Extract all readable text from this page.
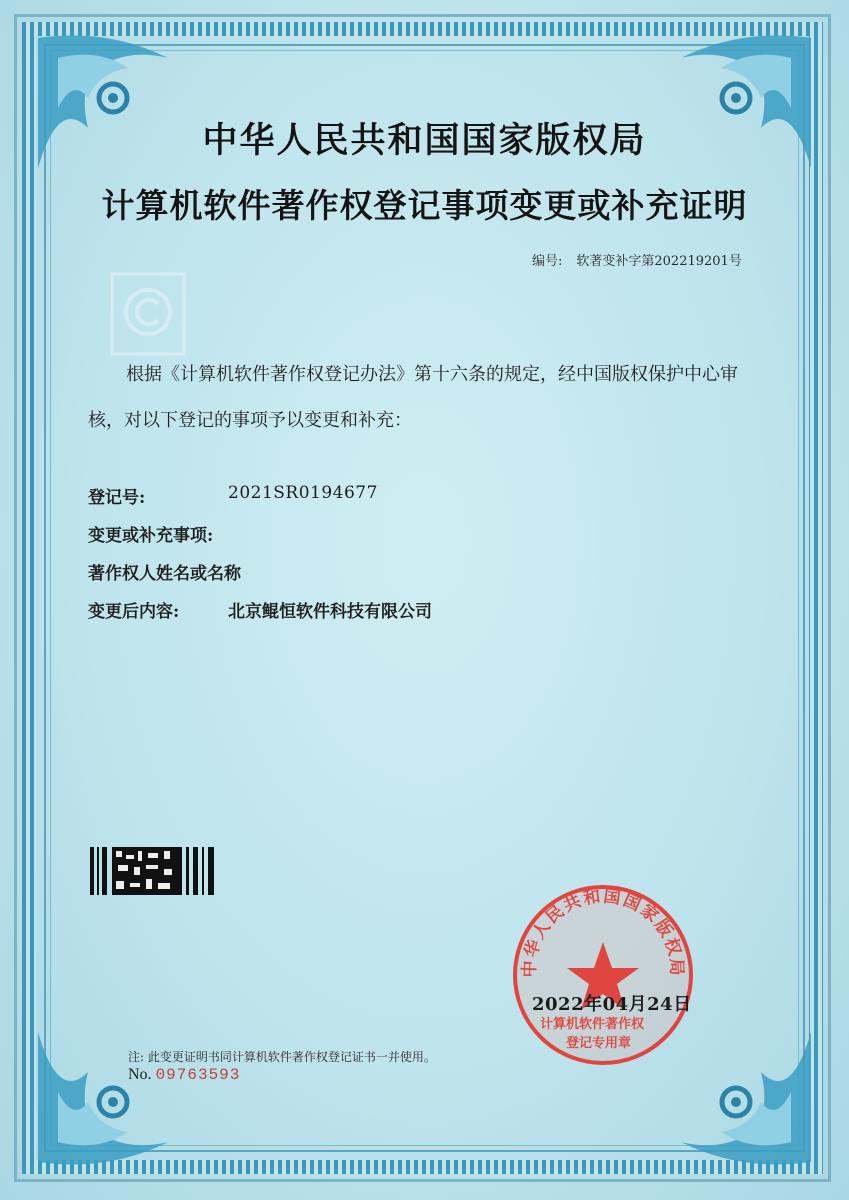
中华人民共和国国家版权局
计算机软件著作权登记事项变更或补充证明
编号: 软著变补字第202219201号
根据《计算机软件著作权登记办法》第十六条的规定，经中国版权保护中心审核，对以下登记的事项予以变更和补充：
登记号:	2021SR0194677
变更或补充事项:
著作权人姓名或名称
变更后内容:	北京鲲恒软件科技有限公司
中华人民共和国国家版权局
2022年04月24日
计算机软件著作权
登记专用章
注: 此变更证明书同计算机软件著作权登记证书一并使用。
No. 09763593
